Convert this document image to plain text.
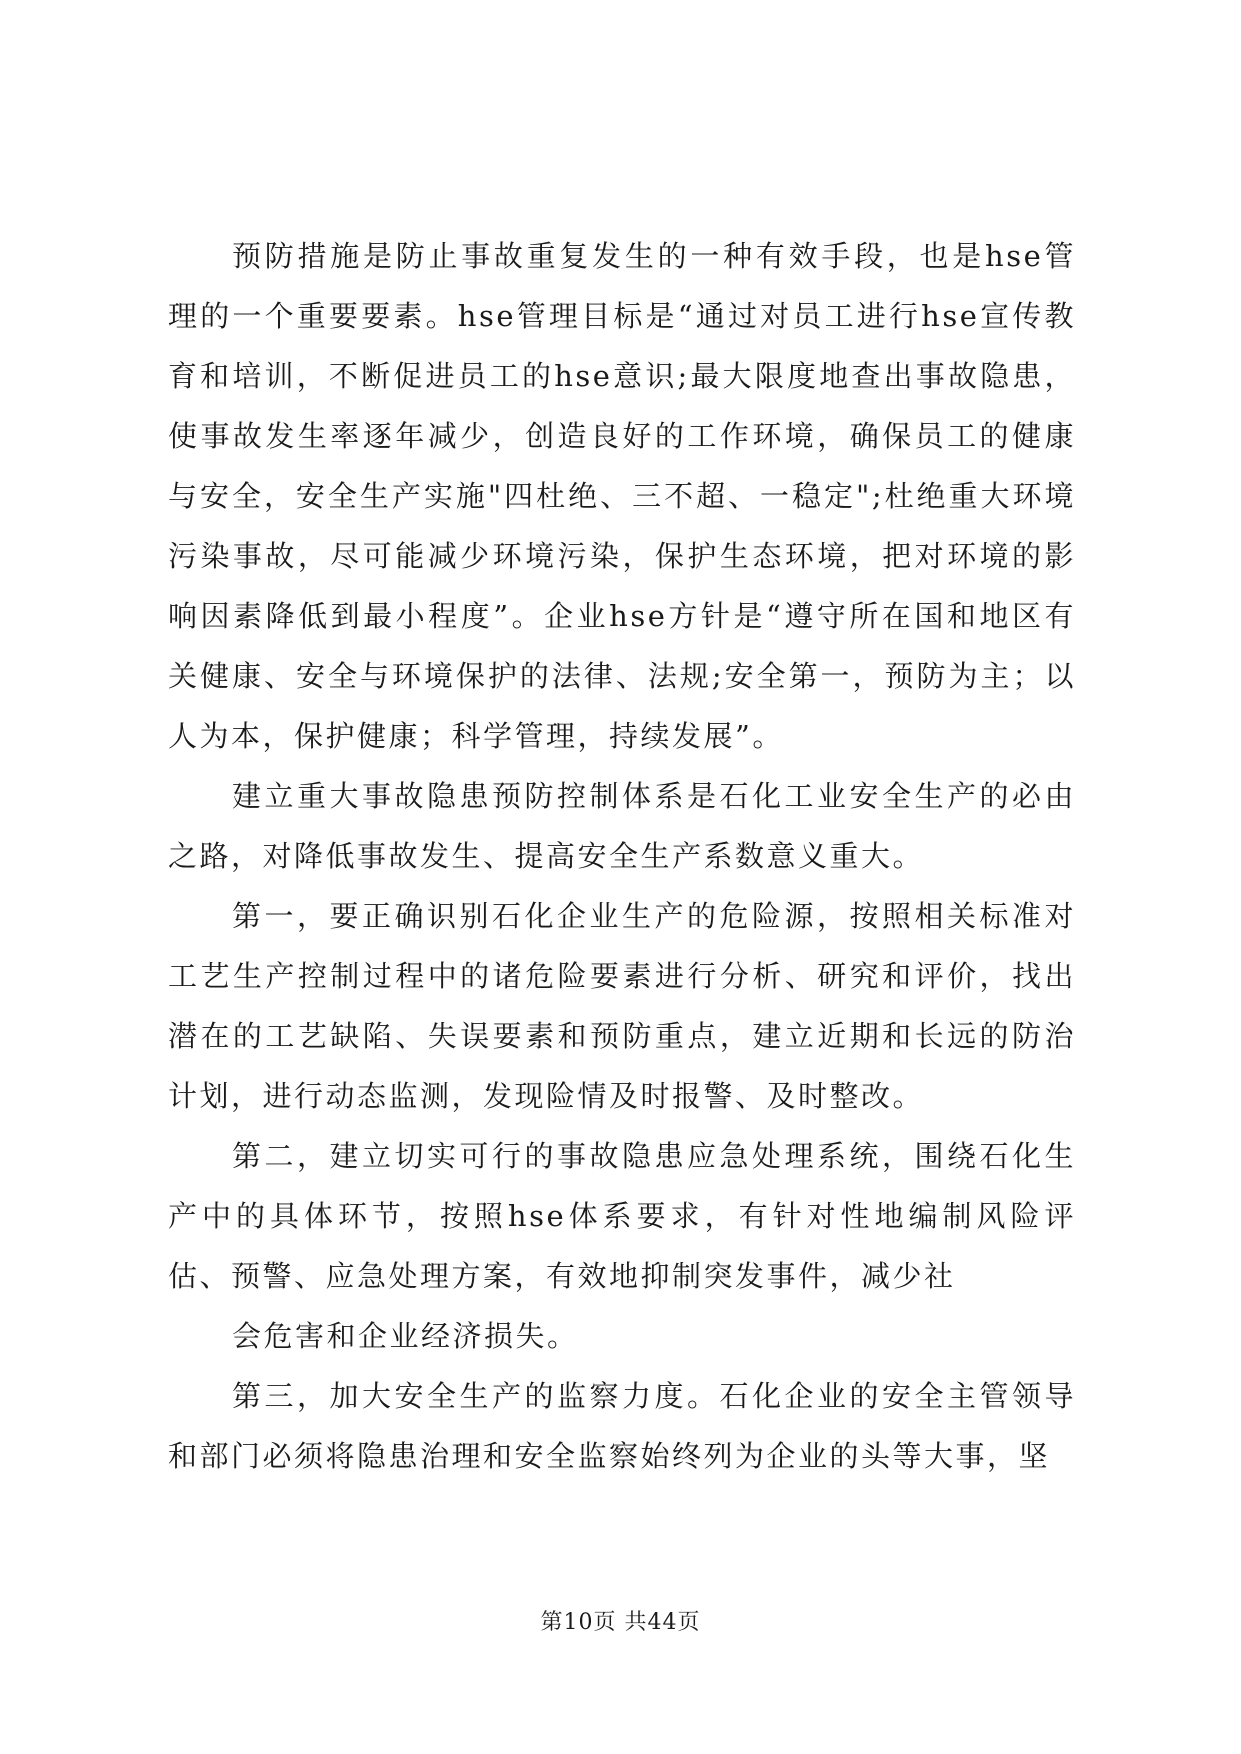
预防措施是防止事故重复发生的一种有效手段，也是hse管理的一个重要要素。hse管理目标是“通过对员工进行hse宣传教育和培训，不断促进员工的hse意识;最大限度地查出事故隐患，使事故发生率逐年减少，创造良好的工作环境，确保员工的健康与安全，安全生产实施"四杜绝、三不超、一稳定";杜绝重大环境污染事故，尽可能减少环境污染，保护生态环境，把对环境的影响因素降低到最小程度”。企业hse方针是“遵守所在国和地区有关健康、安全与环境保护的法律、法规;安全第一，预防为主；以人为本，保护健康；科学管理，持续发展”。

建立重大事故隐患预防控制体系是石化工业安全生产的必由之路，对降低事故发生、提高安全生产系数意义重大。

第一，要正确识别石化企业生产的危险源，按照相关标准对工艺生产控制过程中的诸危险要素进行分析、研究和评价，找出潜在的工艺缺陷、失误要素和预防重点，建立近期和长远的防治计划，进行动态监测，发现险情及时报警、及时整改。

第二，建立切实可行的事故隐患应急处理系统，围绕石化生产中的具体环节，按照hse体系要求，有针对性地编制风险评估、预警、应急处理方案，有效地抑制突发事件，减少社

会危害和企业经济损失。

第三，加大安全生产的监察力度。石化企业的安全主管领导和部门必须将隐患治理和安全监察始终列为企业的头等大事，坚

第10页 共44页
